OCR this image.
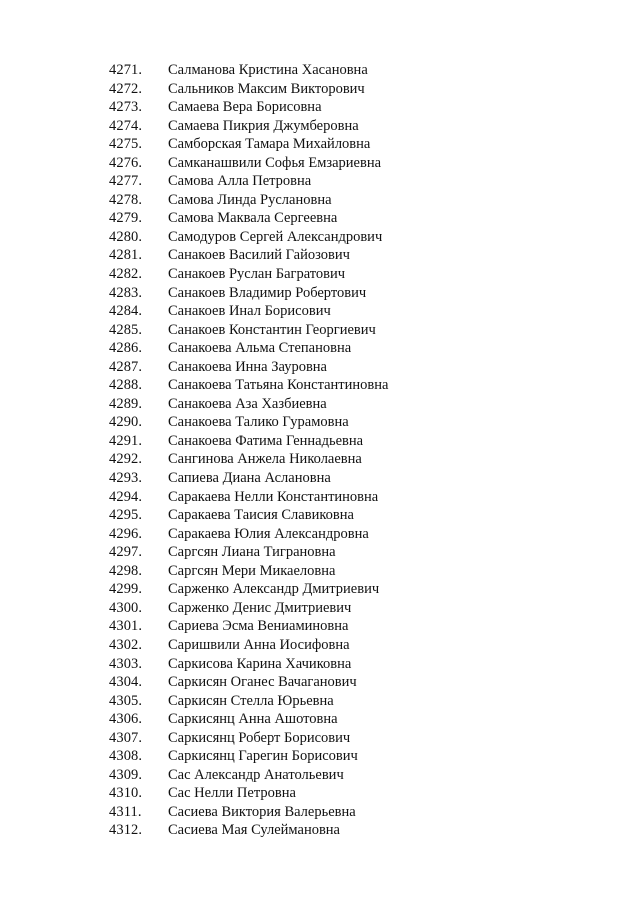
4271. Салманова Кристина Хасановна
4272. Сальников Максим Викторович
4273. Самаева Вера Борисовна
4274. Самаева Пикрия Джумберовна
4275. Самборская Тамара Михайловна
4276. Самканашвили Софья Емзариевна
4277. Самова Алла Петровна
4278. Самова Линда Руслановна
4279. Самова Маквала Сергеевна
4280. Самодуров Сергей Александрович
4281. Санакоев Василий Гайозович
4282. Санакоев Руслан Багратович
4283. Санакоев Владимир Робертович
4284. Санакоев Инал Борисович
4285. Санакоев Константин Георгиевич
4286. Санакоева Альма Степановна
4287. Санакоева Инна Зауровна
4288. Санакоева Татьяна Константиновна
4289. Санакоева Аза Хазбиевна
4290. Санакоева Талико Гурамовна
4291. Санакоева Фатима Геннадьевна
4292. Сангинова Анжела Николаевна
4293. Сапиева Диана Аслановна
4294. Саракаева Нелли Константиновна
4295. Саракаева Таисия Славиковна
4296. Саракаева Юлия Александровна
4297. Саргсян Лиана Тиграновна
4298. Саргсян Мери Микаеловна
4299. Сарженко Александр Дмитриевич
4300. Сарженко Денис Дмитриевич
4301. Сариева Эсма Вениаминовна
4302. Саришвили Анна Иосифовна
4303. Саркисова Карина Хачиковна
4304. Саркисян Оганес Вачаганович
4305. Саркисян Стелла Юрьевна
4306. Саркисянц Анна Ашотовна
4307. Саркисянц Роберт Борисович
4308. Саркисянц Гарегин Борисович
4309. Сас Александр Анатольевич
4310. Сас Нелли Петровна
4311. Сасиева Виктория Валерьевна
4312. Сасиева Мая Сулеймановна
